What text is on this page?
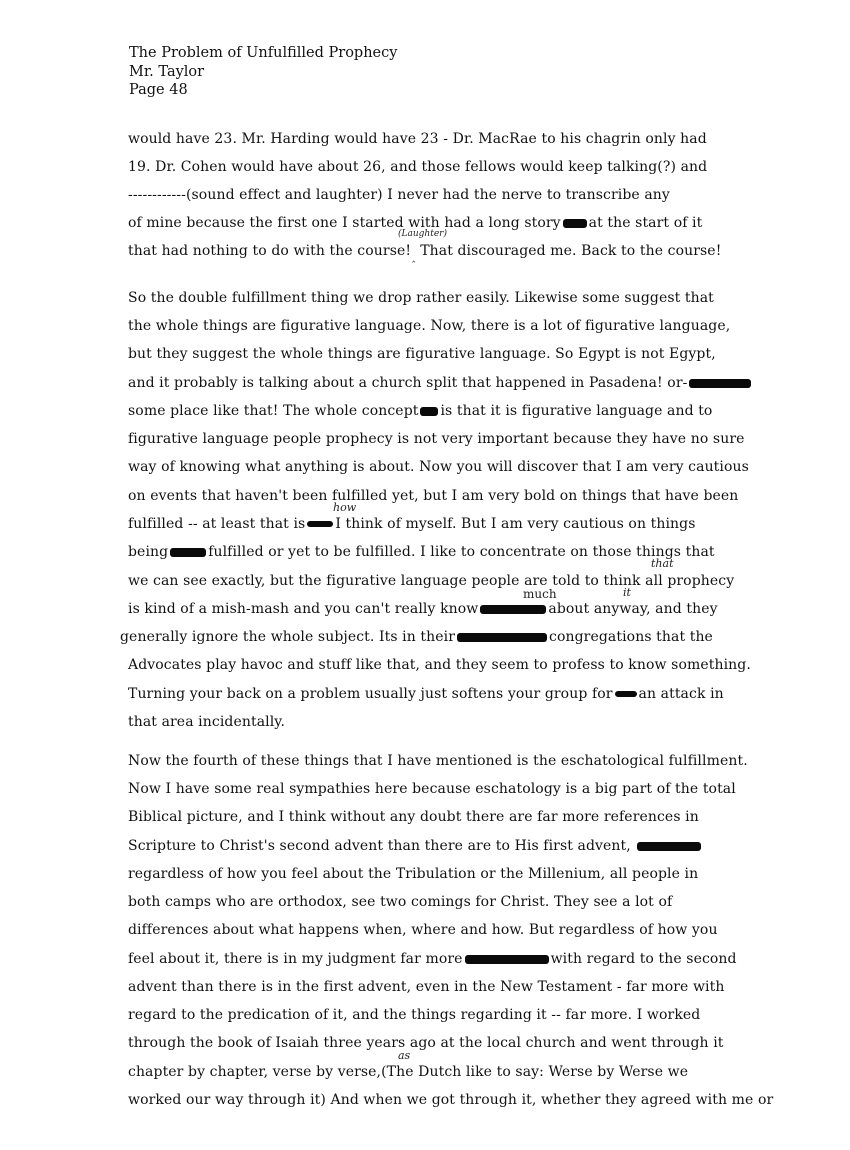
The Problem of Unfulfilled Prophecy
Mr. Taylor
Page 48
would have 23. Mr. Harding would have 23 - Dr. MacRae to his chagrin only had
19. Dr. Cohen would have about 26, and those fellows would keep talking(?) and
------------(sound effect and laughter) I never had the nerve to transcribe any
of mine because the first one I started with had a long story at the start of it
(Laughter)
that had nothing to do with the course! That discouraged me. Back to the course!
‸
So the double fulfillment thing we drop rather easily. Likewise some suggest that
the whole things are figurative language. Now, there is a lot of figurative language,
but they suggest the whole things are figurative language. So Egypt is not Egypt,
and it probably is talking about a church split that happened in Pasadena! or-
some place like that! The whole concept is that it is figurative language and to
figurative language people prophecy is not very important because they have no sure
way of knowing what anything is about. Now you will discover that I am very cautious
on events that haven't been fulfilled yet, but I am very bold on things that have been
how
fulfilled -- at least that is I think of myself. But I am very cautious on things
being	fulfilled or yet to be fulfilled. I like to concentrate on those things that
that
we can see exactly, but the figurative language people are told to think all prophecy
much	it
is kind of a mish-mash and you can't really know	about anyway, and they
generally ignore the whole subject. Its in their	congregations that the
Advocates play havoc and stuff like that, and they seem to profess to know something.
Turning your back on a problem usually just softens your group for an attack in
that area incidentally.
Now the fourth of these things that I have mentioned is the eschatological fulfillment.
Now I have some real sympathies here because eschatology is a big part of the total
Biblical picture, and I think without any doubt there are far more references in
Scripture to Christ's second advent than there are to His first advent,
regardless of how you feel about the Tribulation or the Millenium, all people in
both camps who are orthodox, see two comings for Christ. They see a lot of
differences about what happens when, where and how. But regardless of how you
feel about it, there is in my judgment far more	with regard to the second
advent than there is in the first advent, even in the New Testament - far more with
regard to the predication of it, and the things regarding it -- far more. I worked
through the book of Isaiah three years ago at the local church and went through it
as
chapter by chapter, verse by verse,(The Dutch like to say: Werse by Werse we
worked our way through it) And when we got through it, whether they agreed with me or
